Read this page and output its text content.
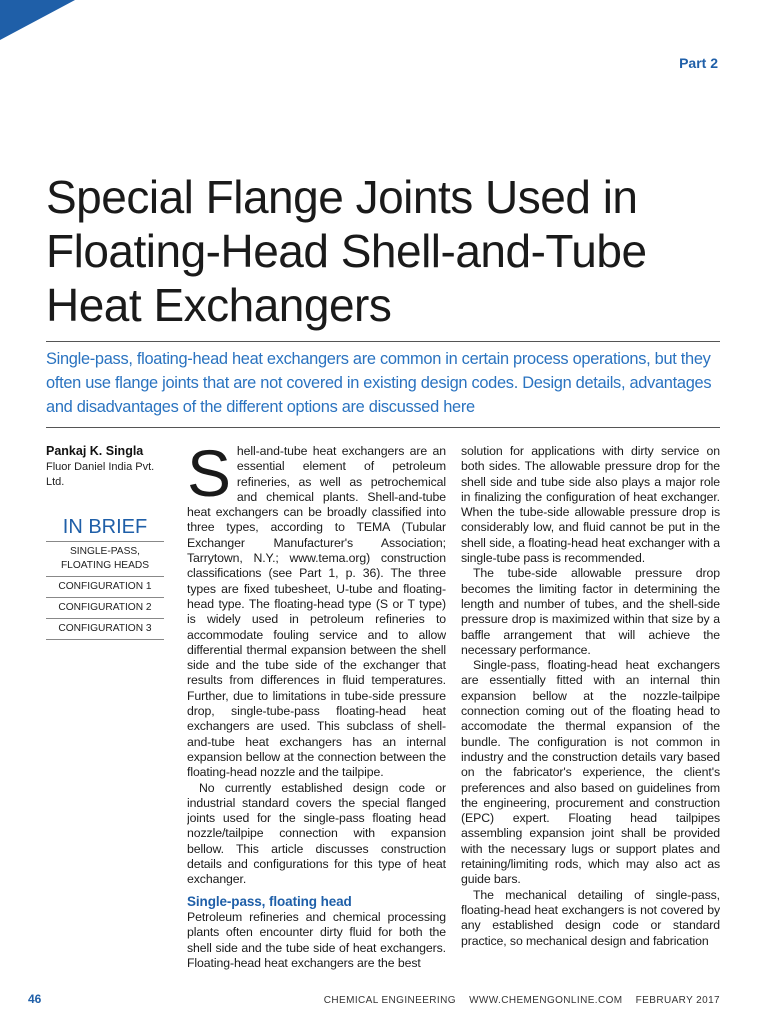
Part 2
Special Flange Joints Used in Floating-Head Shell-and-Tube Heat Exchangers
Single-pass, floating-head heat exchangers are common in certain process operations, but they often use flange joints that are not covered in existing design codes. Design details, advantages and disadvantages of the different options are discussed here
Pankaj K. Singla
Fluor Daniel India Pvt. Ltd.
IN BRIEF
SINGLE-PASS, FLOATING HEADS
CONFIGURATION 1
CONFIGURATION 2
CONFIGURATION 3

Shell-and-tube heat exchangers are an essential element of petroleum refineries, as well as petrochemical and chemical plants. Shell-and-tube heat exchangers can be broadly classified into three types, according to TEMA (Tubular Exchanger Manufacturer's Association; Tarrytown, N.Y.; www.tema.org) construction classifications (see Part 1, p. 36). The three types are fixed tubesheet, U-tube and floating-head type. The floating-head type (S or T type) is widely used in petroleum refineries to accommodate fouling service and to allow differential thermal expansion between the shell side and the tube side of the exchanger that results from differences in fluid temperatures. Further, due to limitations in tube-side pressure drop, single-tube-pass floating-head heat exchangers are used. This subclass of shell-and-tube heat exchangers has an internal expansion bellow at the connection between the floating-head nozzle and the tailpipe.

No currently established design code or industrial standard covers the special flanged joints used for the single-pass floating head nozzle/tailpipe connection with expansion bellow. This article discusses construction details and configurations for this type of heat exchanger.

Single-pass, floating head

Petroleum refineries and chemical processing plants often encounter dirty fluid for both the shell side and the tube side of heat exchangers. Floating-head heat exchangers are the best

solution for applications with dirty service on both sides. The allowable pressure drop for the shell side and tube side also plays a major role in finalizing the configuration of heat exchanger. When the tube-side allowable pressure drop is considerably low, and fluid cannot be put in the shell side, a floating-head heat exchanger with a single-tube pass is recommended.

The tube-side allowable pressure drop becomes the limiting factor in determining the length and number of tubes, and the shell-side pressure drop is maximized within that size by a baffle arrangement that will achieve the necessary performance.

Single-pass, floating-head heat exchangers are essentially fitted with an internal thin expansion bellow at the nozzle-tailpipe connection coming out of the floating head to accomodate the thermal expansion of the bundle. The configuration is not common in industry and the construction details vary based on the fabricator's experience, the client's preferences and also based on guidelines from the engineering, procurement and construction (EPC) expert. Floating head tailpipes assembling expansion joint shall be provided with the necessary lugs or support plates and retaining/limiting rods, which may also act as guide bars.

The mechanical detailing of single-pass, floating-head heat exchangers is not covered by any established design code or standard practice, so mechanical design and fabrication

46	CHEMICAL ENGINEERING WWW.CHEMENGONLINE.COM FEBRUARY 2017
